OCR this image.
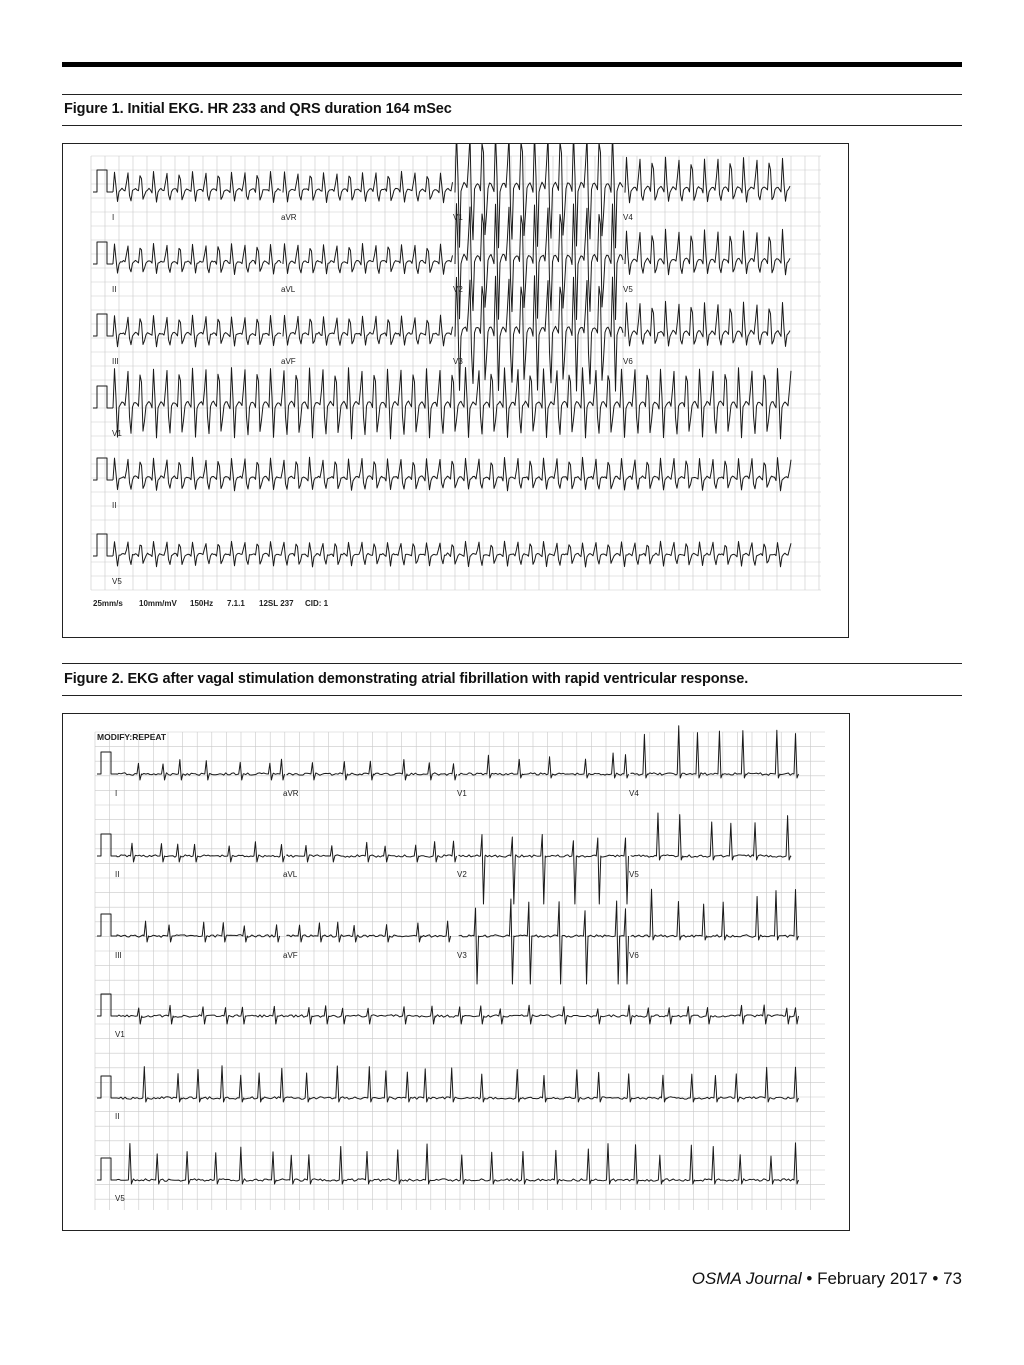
Figure 1. Initial EKG. HR 233 and QRS duration 164 mSec
I	aVR	V1	V4
II	aVL	V2	V5
III	aVF	V3	V6
V1
II
V5
25mm/s 10mm/mV 150Hz 7.1.1 12SL 237 CID: 1
Figure 2. EKG after vagal stimulation demonstrating atrial fibrillation with rapid ventricular response.
MODIFY:REPEAT
I	aVR	V1	V4
II	aVL	V2	V5
III	aVF	V3	V6
V1
II
V5
OSMA Journal • February 2017 • 73
